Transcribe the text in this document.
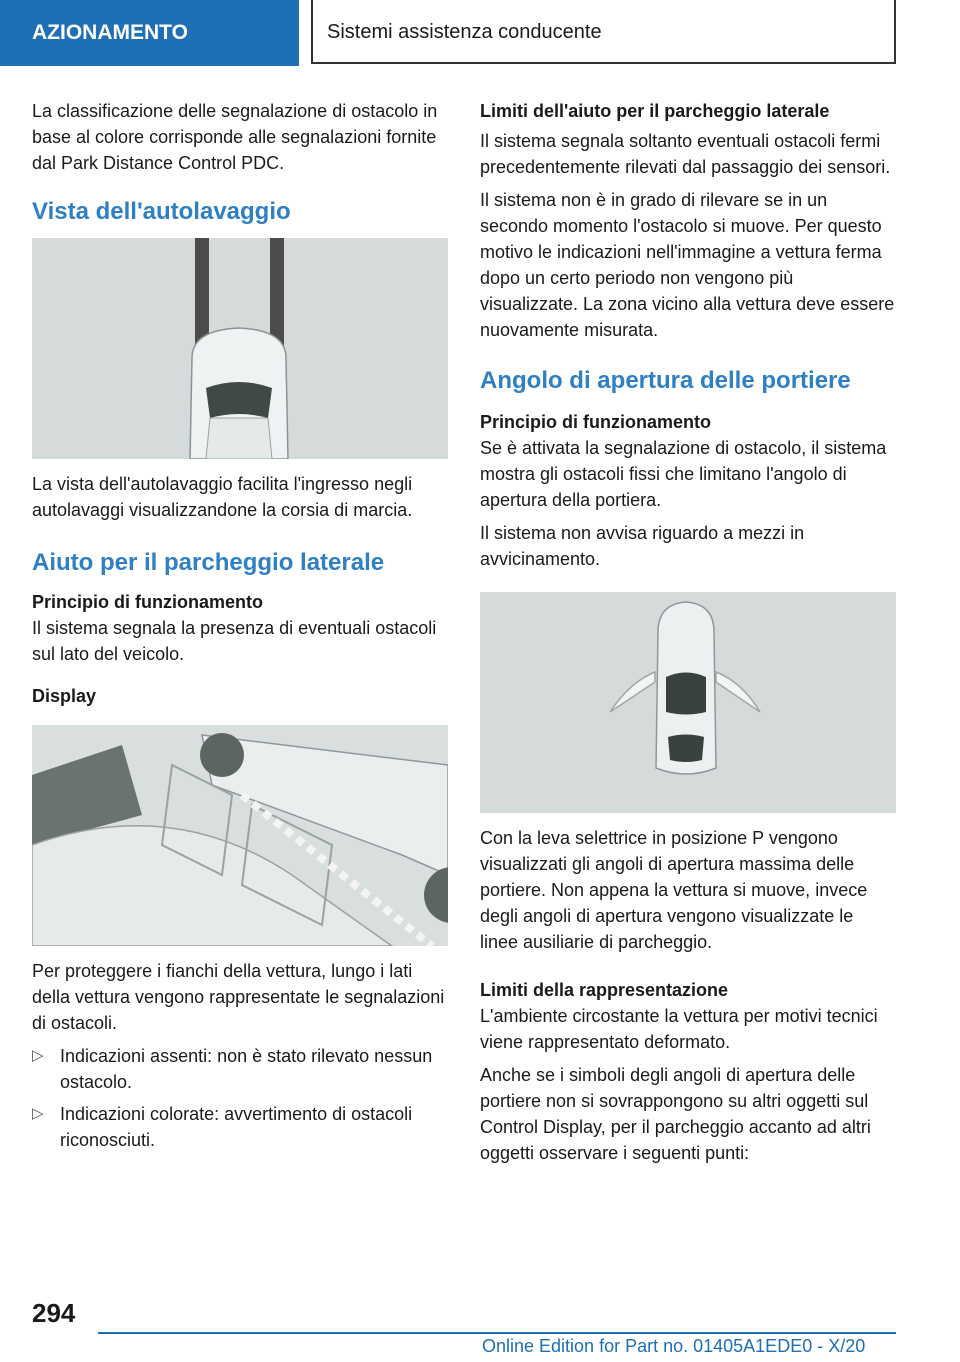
AZIONAMENTO	Sistemi assistenza conducente

La classificazione delle segnalazione di ostacolo in base al colore corrisponde alle segnalazioni fornite dal Park Distance Control PDC.

Vista dell'autolavaggio

La vista dell'autolavaggio facilita l'ingresso negli autolavaggi visualizzandone la corsia di marcia.

Aiuto per il parcheggio laterale
Principio di funzionamento

Il sistema segnala la presenza di eventuali ostacoli sul lato del veicolo.

Display

Per proteggere i fianchi della vettura, lungo i lati della vettura vengono rappresentate le segnalazioni di ostacoli.

▷ Indicazioni assenti: non è stato rilevato nessun ostacolo.
▷ Indicazioni colorate: avvertimento di ostacoli riconosciuti.
Limiti dell'aiuto per il parcheggio laterale

Il sistema segnala soltanto eventuali ostacoli fermi precedentemente rilevati dal passaggio dei sensori.

Il sistema non è in grado di rilevare se in un secondo momento l'ostacolo si muove. Per questo motivo le indicazioni nell'immagine a vettura ferma dopo un certo periodo non vengono più visualizzate. La zona vicino alla vettura deve essere nuovamente misurata.

Angolo di apertura delle portiere
Principio di funzionamento

Se è attivata la segnalazione di ostacolo, il sistema mostra gli ostacoli fissi che limitano l'angolo di apertura della portiera.

Il sistema non avvisa riguardo a mezzi in avvicinamento.

Con la leva selettrice in posizione P vengono visualizzati gli angoli di apertura massima delle portiere. Non appena la vettura si muove, invece degli angoli di apertura vengono visualizzate le linee ausiliarie di parcheggio.

Limiti della rappresentazione

L'ambiente circostante la vettura per motivi tecnici viene rappresentato deformato.

Anche se i simboli degli angoli di apertura delle portiere non si sovrappongono su altri oggetti sul Control Display, per il parcheggio accanto ad altri oggetti osservare i seguenti punti:

294
Online Edition for Part no. 01405A1EDE0 - X/20
